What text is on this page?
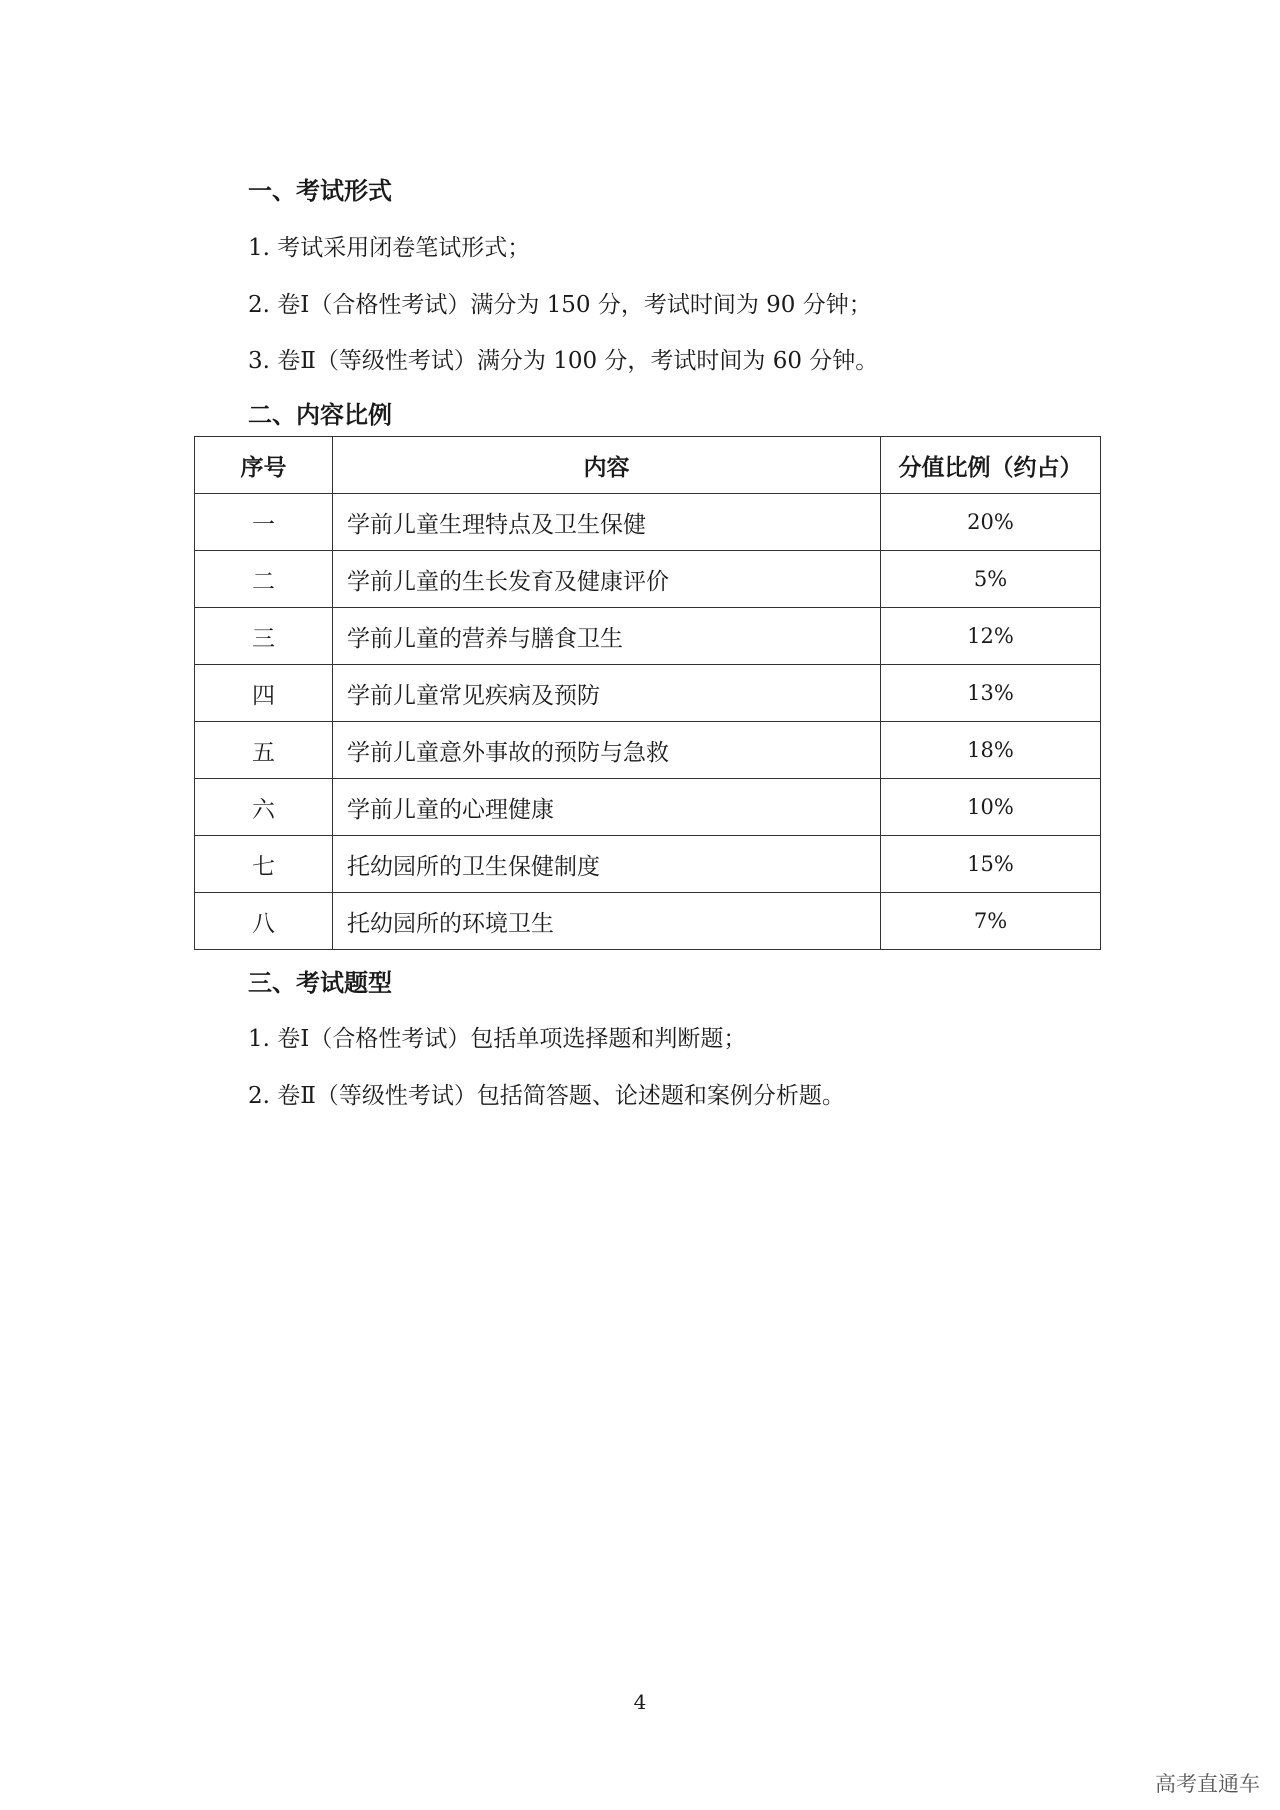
一、考试形式
1. 考试采用闭卷笔试形式；
2. 卷Ⅰ（合格性考试）满分为 150 分，考试时间为 90 分钟；
3. 卷Ⅱ（等级性考试）满分为 100 分，考试时间为 60 分钟。
二、内容比例
序号	内容	分值比例（约占）
一	学前儿童生理特点及卫生保健	20%
二	学前儿童的生长发育及健康评价	5%
三	学前儿童的营养与膳食卫生	12%
四	学前儿童常见疾病及预防	13%
五	学前儿童意外事故的预防与急救	18%
六	学前儿童的心理健康	10%
七	托幼园所的卫生保健制度	15%
八	托幼园所的环境卫生	7%
三、考试题型
1. 卷Ⅰ（合格性考试）包括单项选择题和判断题；
2. 卷Ⅱ（等级性考试）包括简答题、论述题和案例分析题。
4
高考直通车
